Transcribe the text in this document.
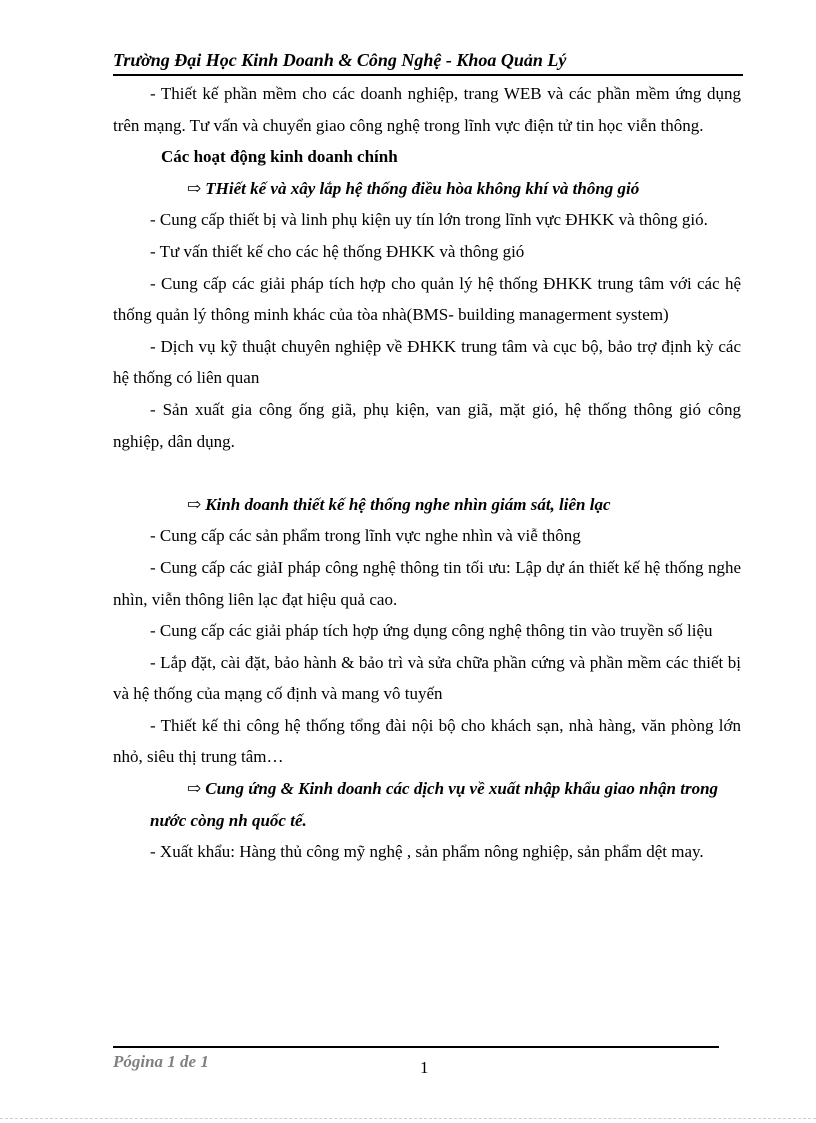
Trường Đại Học Kinh Doanh & Công Nghệ - Khoa Quản Lý

- Thiết kế phần mềm cho các doanh nghiệp, trang WEB và các phần mềm ứng dụng trên mạng. Tư vấn và chuyển giao công nghệ trong lĩnh vực điện tử tin học viễn thông.

Các hoạt động kinh doanh chính

⇨ THiết kế và xây lắp hệ thống điều hòa không khí và thông gió

- Cung cấp thiết bị và linh phụ kiện uy tín lớn trong lĩnh vực ĐHKK và thông gió.

- Tư vấn thiết kế cho các hệ thống ĐHKK và thông gió

- Cung cấp các giải pháp tích hợp cho quản lý hệ thống ĐHKK trung tâm với các hệ thống quản lý thông minh khác của tòa nhà(BMS- building managerment system)

- Dịch vụ kỹ thuật chuyên nghiệp về ĐHKK trung tâm và cục bộ, bảo trợ định kỳ các hệ thống có liên quan

- Sản xuất gia công ống giã, phụ kiện, van giã, mặt gió, hệ thống thông gió công nghiệp, dân dụng.

⇨ Kinh doanh thiết kế hệ thống nghe nhìn giám sát, liên lạc

- Cung cấp các sản phẩm trong lĩnh vực nghe nhìn và viễ thông

- Cung cấp các giảI pháp công nghệ thông tin tối ưu: Lập dự án thiết kế hệ thống nghe nhìn, viễn thông liên lạc đạt hiệu quả cao.

- Cung cấp các giải pháp tích hợp ứng dụng công nghệ thông tin vào truyền số liệu

- Lắp đặt, cài đặt, bảo hành & bảo trì và sửa chữa phần cứng và phần mềm các thiết bị và hệ thống của mạng cố định và mang vô tuyến

- Thiết kế thi công hệ thống tổng đài nội bộ cho khách sạn, nhà hàng, văn phòng lớn nhỏ, siêu thị trung tâm…

⇨ Cung ứng & Kinh doanh các dịch vụ về xuất nhập khẩu giao nhận trong

nước còng nh quốc tế.

- Xuất khẩu: Hàng thủ công mỹ nghệ , sản phẩm nông nghiệp, sản phẩm dệt may.

Pógina 1 de 1	1
